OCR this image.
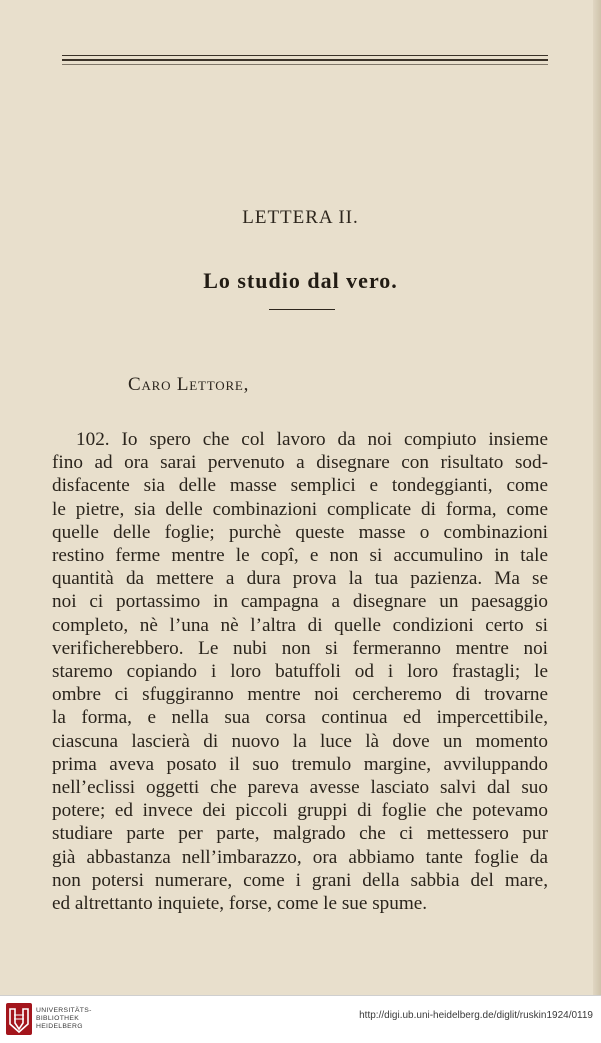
LETTERA II.
Lo studio dal vero.
Caro Lettore,
102. Io spero che col lavoro da noi compiuto insieme
fino ad ora sarai pervenuto a disegnare con risultato sod-
disfacente sia delle masse semplici e tondeggianti, come
le pietre, sia delle combinazioni complicate di forma, come
quelle delle foglie; purchè queste masse o combinazioni
restino ferme mentre le copî, e non si accumulino in tale
quantità da mettere a dura prova la tua pazienza. Ma se
noi ci portassimo in campagna a disegnare un paesaggio
completo, nè l’una nè l’altra di quelle condizioni certo si
verificherebbero. Le nubi non si fermeranno mentre noi
staremo copiando i loro batuffoli od i loro frastagli; le
ombre ci sfuggiranno mentre noi cercheremo di trovarne
la forma, e nella sua corsa continua ed impercettibile,
ciascuna lascierà di nuovo la luce là dove un momento
prima aveva posato il suo tremulo margine, avviluppando
nell’eclissi oggetti che pareva avesse lasciato salvi dal suo
potere; ed invece dei piccoli gruppi di foglie che potevamo
studiare parte per parte, malgrado che ci mettessero pur
già abbastanza nell’imbarazzo, ora abbiamo tante foglie da
non potersi numerare, come i grani della sabbia del mare,
ed altrettanto inquiete, forse, come le sue spume.
UNIVERSITÄTS-
BIBLIOTHEK
HEIDELBERG
http://digi.ub.uni-heidelberg.de/diglit/ruskin1924/0119
